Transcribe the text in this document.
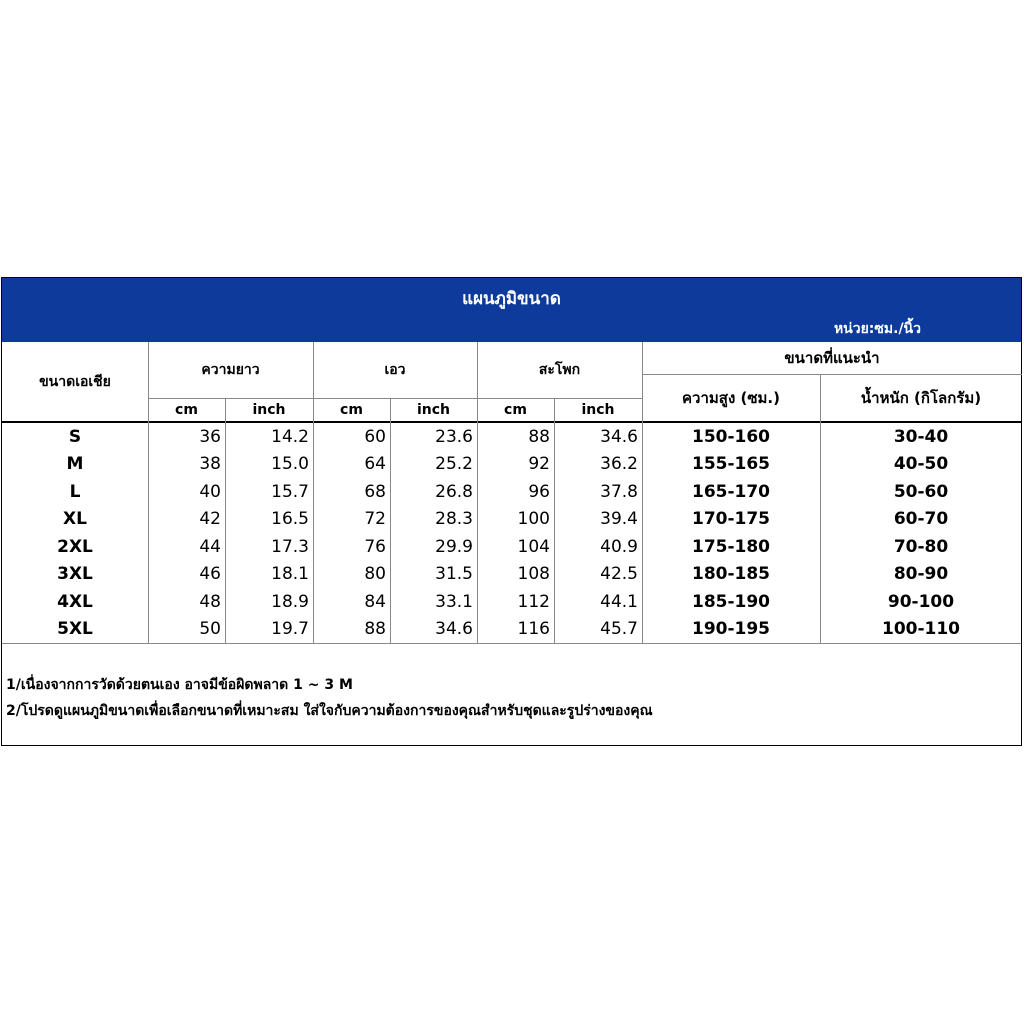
แผนภูมิขนาด
หน่วย:ซม./นิ้ว
ขนาดเอเชีย
ความยาว	เอว	สะโพก
ขนาดที่แนะนำ
cm	inch	cm	inch	cm	inch
ความสูง (ซม.)	น้ำหนัก (กิโลกรัม)
S	36	14.2	60	23.6	88	34.6	150-160	30-40
M	38	15.0	64	25.2	92	36.2	155-165	40-50
L	40	15.7	68	26.8	96	37.8	165-170	50-60
XL	42	16.5	72	28.3	100	39.4	170-175	60-70
2XL	44	17.3	76	29.9	104	40.9	175-180	70-80
3XL	46	18.1	80	31.5	108	42.5	180-185	80-90
4XL	48	18.9	84	33.1	112	44.1	185-190	90-100
5XL	50	19.7	88	34.6	116	45.7	190-195	100-110
1/เนื่องจากการวัดด้วยตนเอง อาจมีข้อผิดพลาด 1 ~ 3 M
2/โปรดดูแผนภูมิขนาดเพื่อเลือกขนาดที่เหมาะสม ใส่ใจกับความต้องการของคุณสำหรับชุดและรูปร่างของคุณ
